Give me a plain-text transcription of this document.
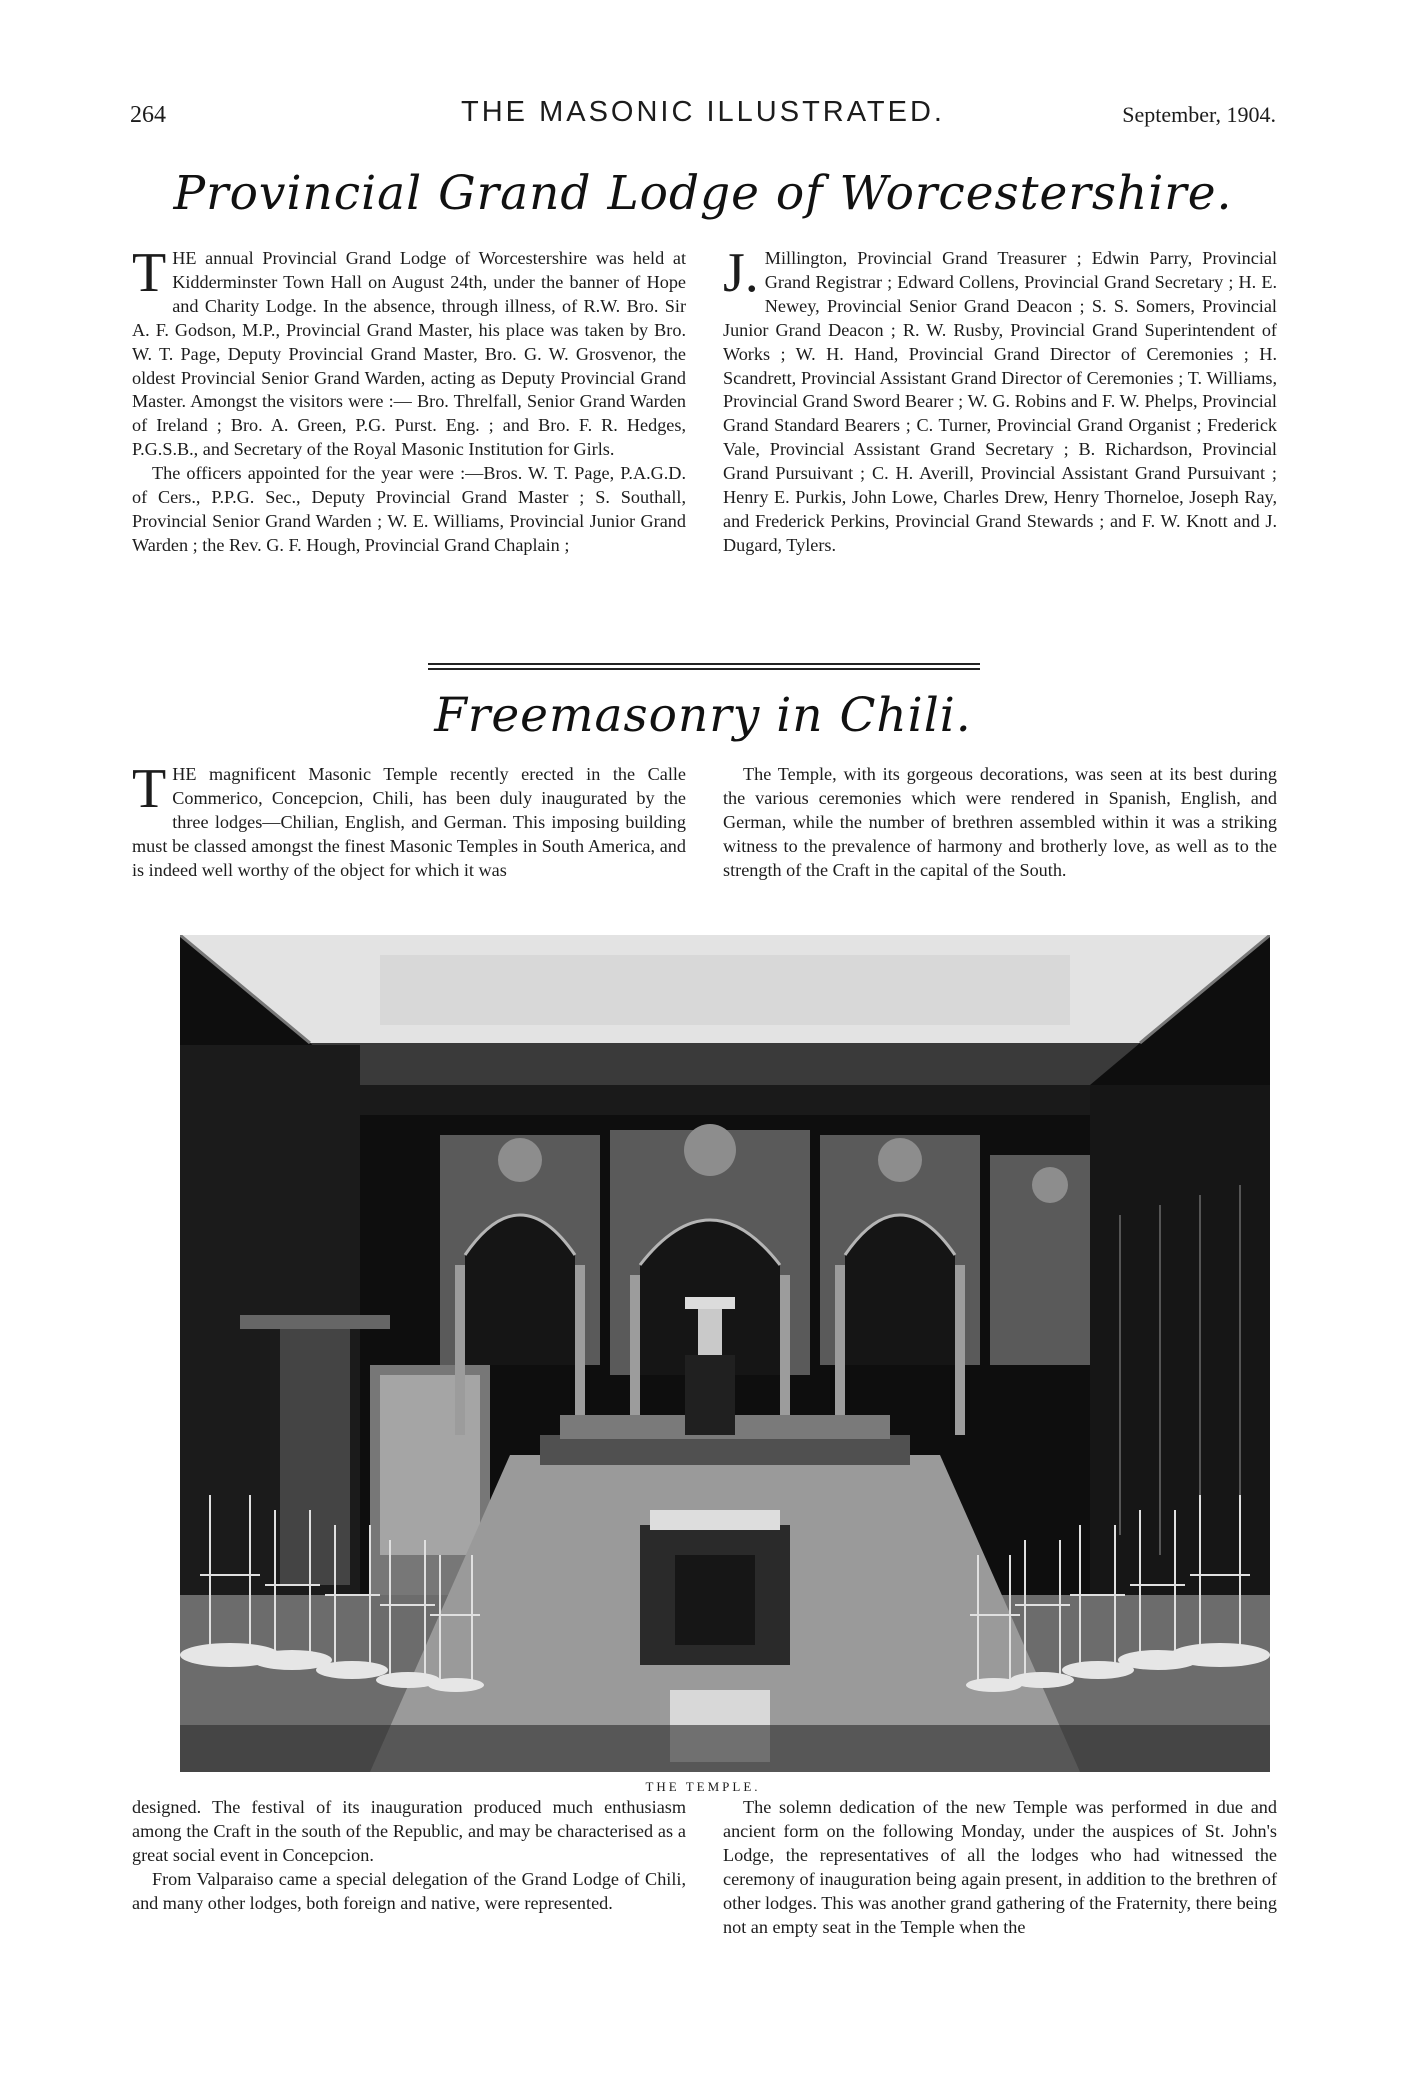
264	THE MASONIC ILLUSTRATED.	September, 1904.
Provincial Grand Lodge of Worcestershire.

THE annual Provincial Grand Lodge of Worcestershire was held at Kidderminster Town Hall on August 24th, under the banner of Hope and Charity Lodge. In the absence, through illness, of R.W. Bro. Sir A. F. Godson, M.P., Provincial Grand Master, his place was taken by Bro. W. T. Page, Deputy Provincial Grand Master, Bro. G. W. Grosvenor, the oldest Provincial Senior Grand Warden, acting as Deputy Provincial Grand Master. Amongst the visitors were :— Bro. Threlfall, Senior Grand Warden of Ireland ; Bro. A. Green, P.G. Purst. Eng. ; and Bro. F. R. Hedges, P.G.S.B., and Secretary of the Royal Masonic Institution for Girls.

The officers appointed for the year were :—Bros. W. T. Page, P.A.G.D. of Cers., P.P.G. Sec., Deputy Provincial Grand Master ; S. Southall, Provincial Senior Grand Warden ; W. E. Williams, Provincial Junior Grand Warden ; the Rev. G. F. Hough, Provincial Grand Chaplain ;

J.Millington, Provincial Grand Treasurer ; Edwin Parry, Provincial Grand Registrar ; Edward Collens, Provincial Grand Secretary ; H. E. Newey, Provincial Senior Grand Deacon ; S. S. Somers, Provincial Junior Grand Deacon ; R. W. Rusby, Provincial Grand Superintendent of Works ; W. H. Hand, Provincial Grand Director of Ceremonies ; H. Scandrett, Provincial Assistant Grand Director of Ceremonies ; T. Williams, Provincial Grand Sword Bearer ; W. G. Robins and F. W. Phelps, Provincial Grand Standard Bearers ; C. Turner, Provincial Grand Organist ; Frederick Vale, Provincial Assistant Grand Secretary ; B. Richardson, Provincial Grand Pursuivant ; C. H. Averill, Provincial Assistant Grand Pursuivant ; Henry E. Purkis, John Lowe, Charles Drew, Henry Thorneloe, Joseph Ray, and Frederick Perkins, Provincial Grand Stewards ; and F. W. Knott and J. Dugard, Tylers.

Freemasonry in Chili.

THE magnificent Masonic Temple recently erected in the Calle Commerico, Concepcion, Chili, has been duly inaugurated by the three lodges—Chilian, English, and German. This imposing building must be classed amongst the finest Masonic Temples in South America, and is indeed well worthy of the object for which it was

The Temple, with its gorgeous decorations, was seen at its best during the various ceremonies which were rendered in Spanish, English, and German, while the number of brethren assembled within it was a striking witness to the prevalence of harmony and brotherly love, as well as to the strength of the Craft in the capital of the South.

THE TEMPLE.

designed. The festival of its inauguration produced much enthusiasm among the Craft in the south of the Republic, and may be characterised as a great social event in Concepcion.

From Valparaiso came a special delegation of the Grand Lodge of Chili, and many other lodges, both foreign and native, were represented.

The solemn dedication of the new Temple was performed in due and ancient form on the following Monday, under the auspices of St. John's Lodge, the representatives of all the lodges who had witnessed the ceremony of inauguration being again present, in addition to the brethren of other lodges. This was another grand gathering of the Fraternity, there being not an empty seat in the Temple when the
